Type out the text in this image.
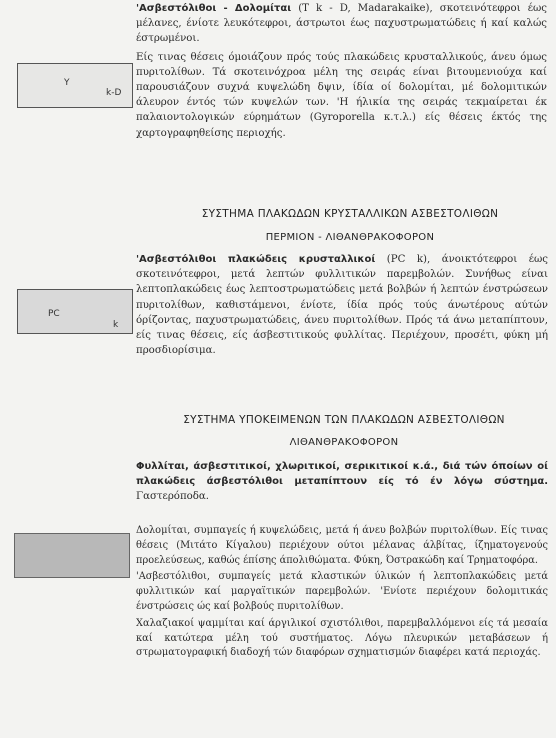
Y
k-D
PC
k

'Ασβεστόλιθοι - Δολομίται (T k - D, Madarakaike), σκοτεινότεφροι έως μέλανες, ένίοτε λευκότεφροι, άστρωτοι έως παχυστρωματώδεις ή καί καλώς έστρωμένοι.

Είς τινας θέσεις όμοιάζουν πρός τούς πλακώδεις κρυσταλλικούς, άνευ όμως πυριτολίθων. Τά σκοτεινόχροα μέλη της σειράς είναι βιτουμενιούχα καί παρουσιάζουν συχνά κυψελώδη δψιν, ίδία οί δολομίται, μέ δολομιτικών άλευρον έντός τών κυψελών των. 'Η ήλικία της σειράς τεκμαίρεται έκ παλαιοντολογικών εύρημάτων (Gyroporella κ.τ.λ.) είς θέσεις έκτός της χαρτογραφηθείσης περιοχής.

ΣΥΣΤΗΜΑ ΠΛΑΚΩΔΩΝ ΚΡΥΣΤΑΛΛΙΚΩΝ ΑΣΒΕΣΤΟΛΙΘΩΝ
ΠΕΡΜΙΟΝ - ΛΙΘΑΝΘΡΑΚΟΦΟΡΟΝ

'Ασβεστόλιθοι πλακώδεις κρυσταλλικοί (PC k), άνοικτότεφροι έως σκοτεινότεφροι, μετά λεπτών φυλλιτικών παρεμβολών. Συνήθως είναι λεπτοπλακώδεις έως λεπτοστρωματώδεις μετά βολβών ή λεπτών ένστρώσεων πυριτολίθων, καθιστάμενοι, ένίοτε, ίδία πρός τούς άνωτέρους αύτών όρίζοντας, παχυστρωματώδεις, άνευ πυριτολίθων. Πρός τά άνω μεταπίπτουν, είς τινας θέσεις, είς άσβεστιτικούς φυλλίτας. Περιέχουν, προσέτι, φύκη μή προσδιορίσιμα.

ΣΥΣΤΗΜΑ ΥΠΟΚΕΙΜΕΝΩΝ ΤΩΝ ΠΛΑΚΩΔΩΝ ΑΣΒΕΣΤΟΛΙΘΩΝ
ΛΙΘΑΝΘΡΑΚΟΦΟΡΟΝ

Φυλλίται, άσβεστιτικοί, χλωριτικοί, σερικιτικοί κ.ά., διά τών όποίων οί πλακώδεις άσβεστόλιθοι μεταπίπτουν είς τό έν λόγω σύστημα. Γαστερόποδα.

Δολομίται, συμπαγείς ή κυψελώδεις, μετά ή άνευ βολβών πυριτολίθων. Είς τινας θέσεις (Μιτάτο Κίγαλου) περιέχουν ούτοι μέλανας άλβίτας, ίζηματογενούς προελεύσεως, καθώς έπίσης άπολιθώματα. Φύκη, Όστρακώδη καί Τρηματοφόρα.

'Ασβεστόλιθοι, συμπαγείς μετά κλαστικών ύλικών ή λεπτοπλακώδεις μετά φυλλιτικών καί μαργαϊτικών παρεμβολών. 'Ενίοτε περιέχουν δολομιτικάς ένστρώσεις ώς καί βολβούς πυριτολίθων.

Χαλαζιακοί ψαμμίται καί άργιλικοί σχιστόλιθοι, παρεμβαλλόμενοι είς τά μεσαία καί κατώτερα μέλη τού συστήματος. Λόγω πλευρικών μεταβάσεων ή στρωματογραφική διαδοχή τών διαφόρων σχηματισμών διαφέρει κατά περιοχάς.
